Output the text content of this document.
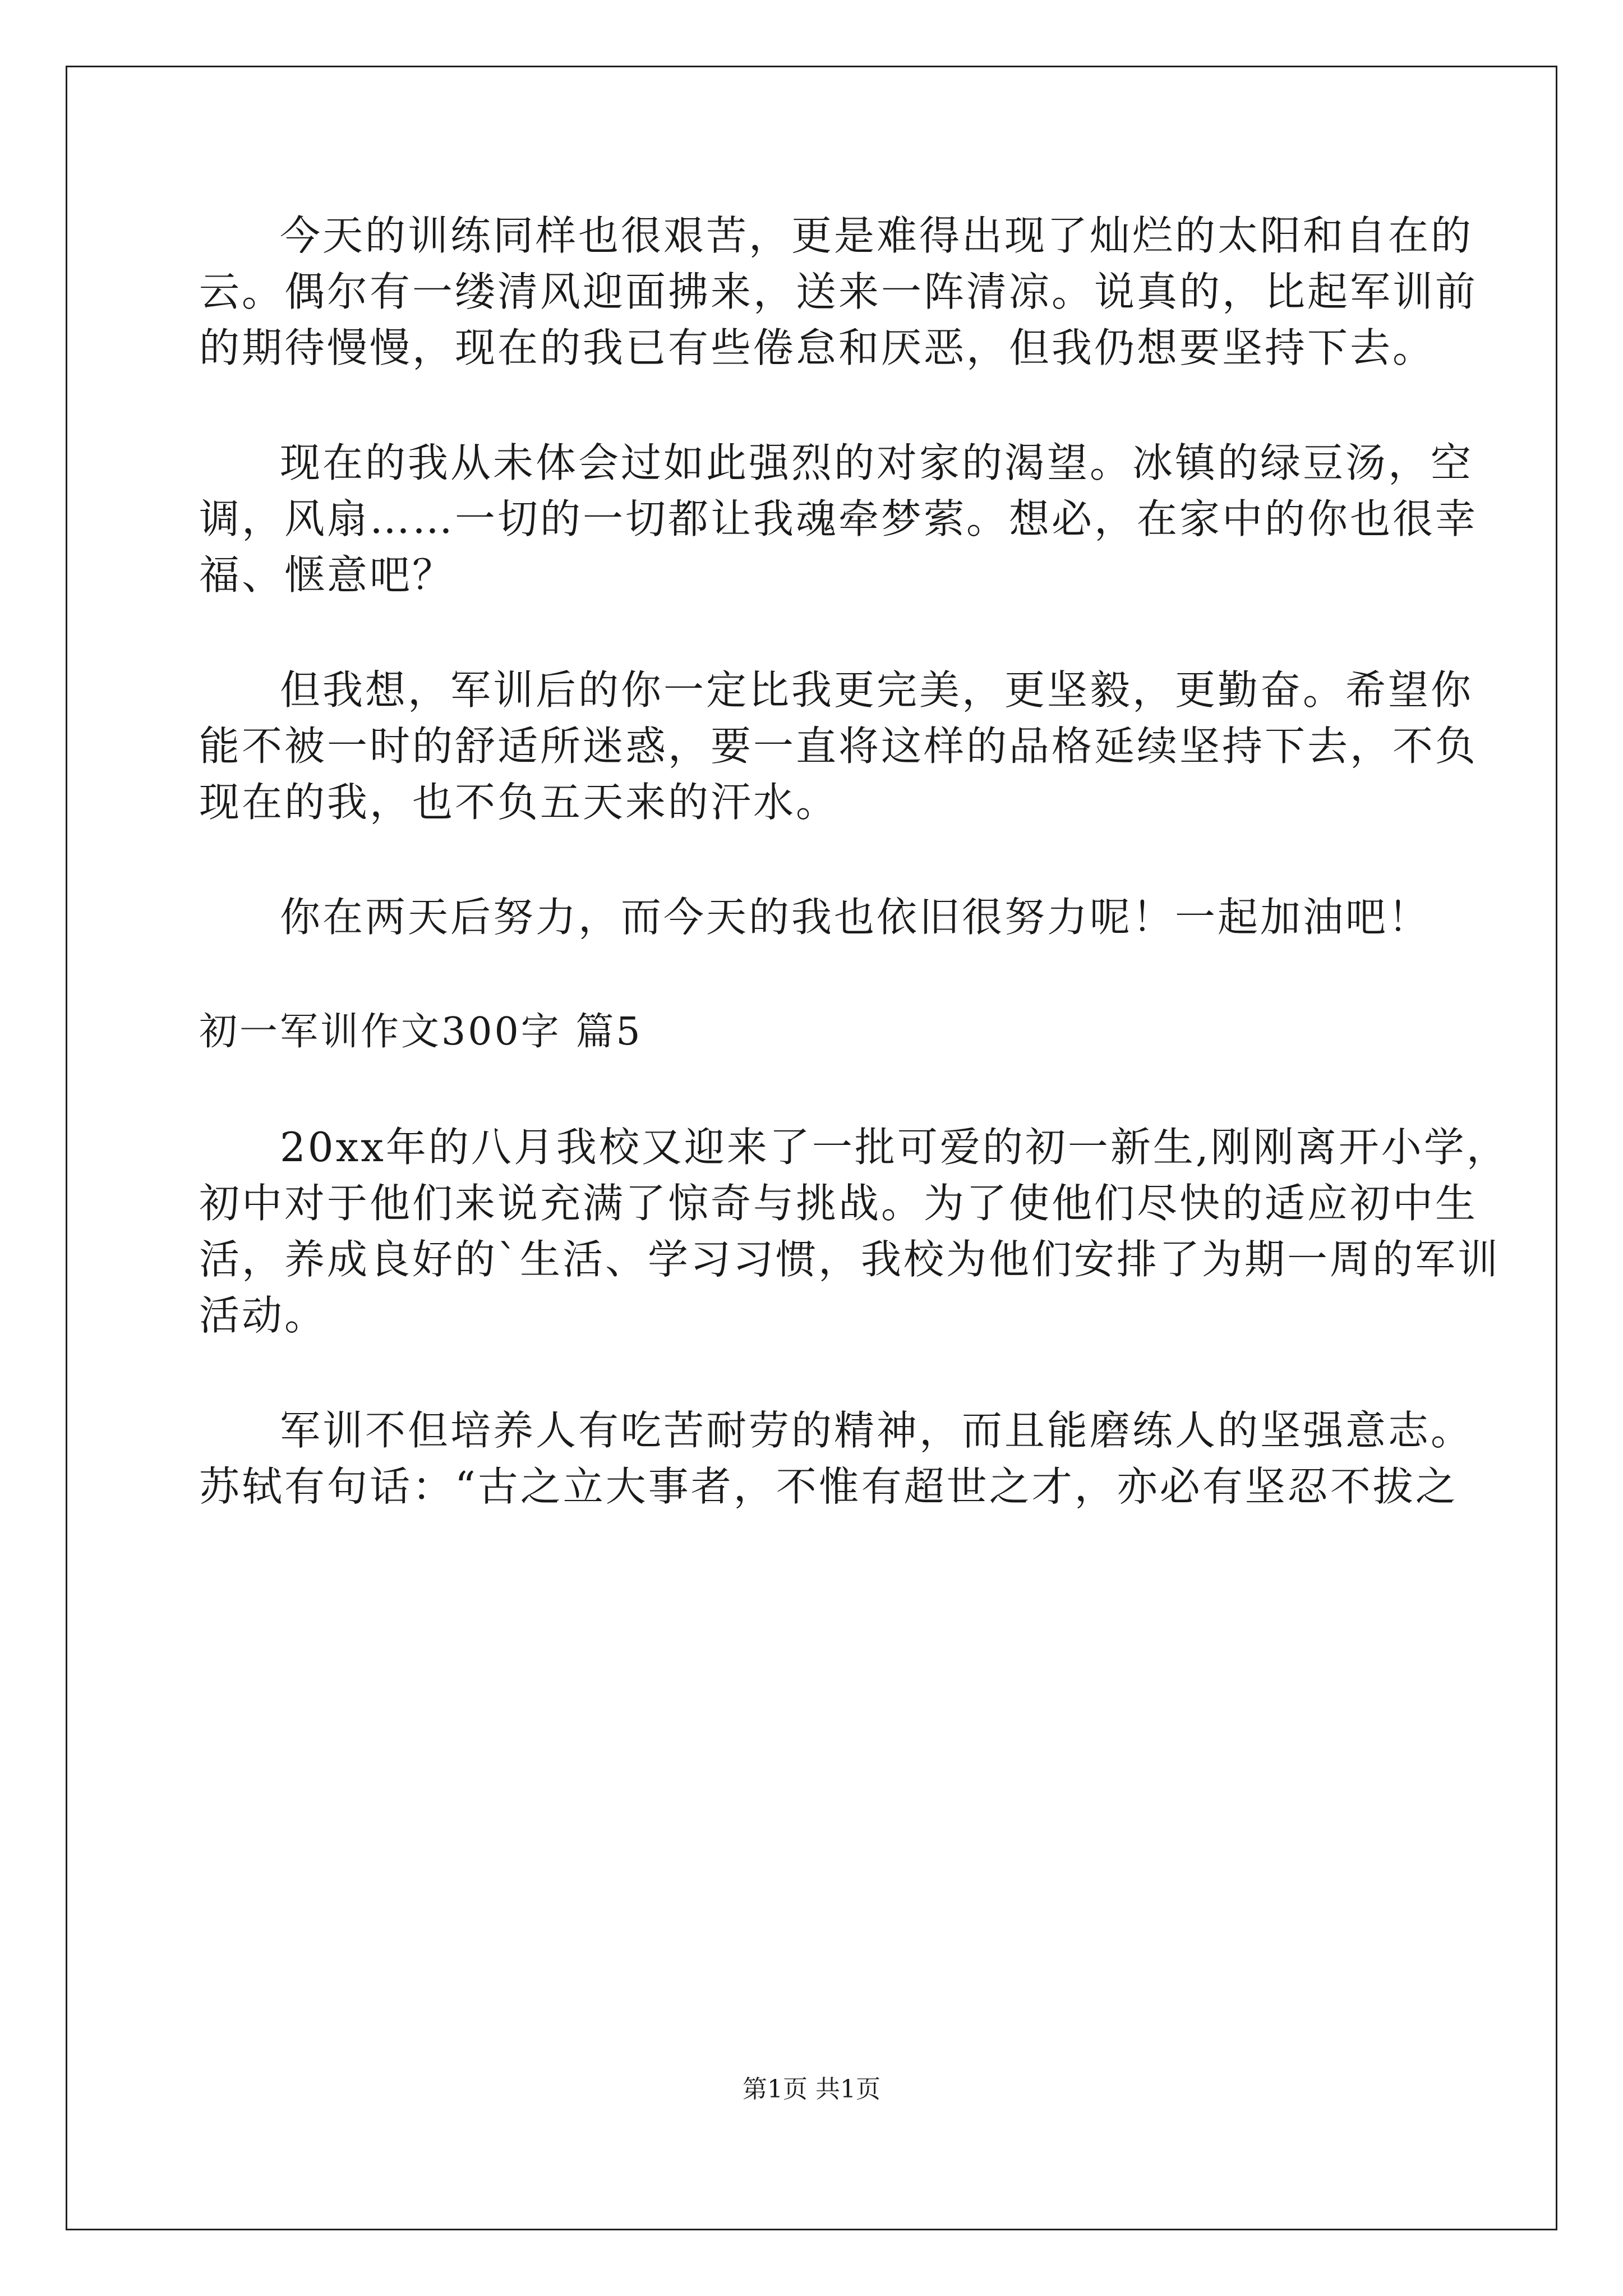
今天的训练同样也很艰苦，更是难得出现了灿烂的太阳和自在的
云。偶尔有一缕清风迎面拂来，送来一阵清凉。说真的，比起军训前
的期待慢慢，现在的我已有些倦怠和厌恶，但我仍想要坚持下去。
现在的我从未体会过如此强烈的对家的渴望。冰镇的绿豆汤，空
调，风扇……一切的一切都让我魂牵梦萦。想必，在家中的你也很幸
福、惬意吧？
但我想，军训后的你一定比我更完美，更坚毅，更勤奋。希望你
能不被一时的舒适所迷惑，要一直将这样的品格延续坚持下去，不负
现在的我，也不负五天来的汗水。
你在两天后努力，而今天的我也依旧很努力呢！一起加油吧！
初一军训作文300字 篇5
20xx年的八月我校又迎来了一批可爱的初一新生,刚刚离开小学，
初中对于他们来说充满了惊奇与挑战。为了使他们尽快的适应初中生
活，养成良好的`生活、学习习惯，我校为他们安排了为期一周的军训
活动。
军训不但培养人有吃苦耐劳的精神，而且能磨练人的坚强意志。
苏轼有句话：“古之立大事者，不惟有超世之才，亦必有坚忍不拔之
第1页 共1页
